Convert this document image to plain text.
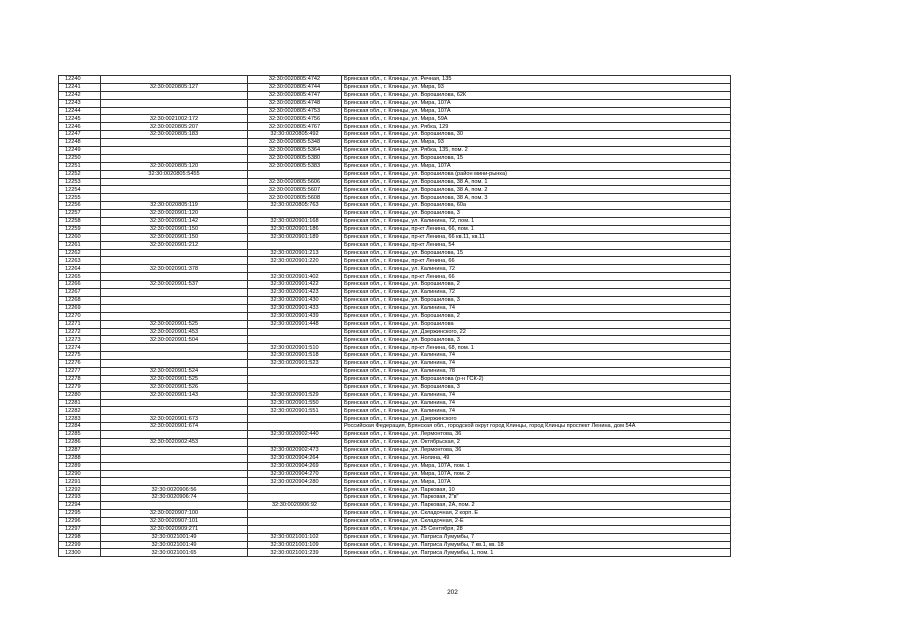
12240		32:30:0020805:4742	Брянская обл., г. Клинцы, ул. Речная, 135
12241	32:30:0020805:127	32:30:0020805:4744	Брянская обл., г. Клинцы, ул. Мира, 93
12242		32:30:0020805:4747	Брянская обл., г. Клинцы, ул. Ворошилова, 62К
12243		32:30:0020805:4748	Брянская обл., г. Клинцы, ул. Мира, 107А
12244		32:30:0020805:4753	Брянская обл., г. Клинцы, ул. Мира, 107А
12245	32:30:0021002:172	32:30:0020805:4756	Брянская обл., г. Клинцы, ул. Мира, 59А
12246	32:30:0020805:207	32:30:0020805:4767	Брянская обл., г. Клинцы, ул. Рябка, 129
12247	32:30:0020805:183	32:30:0020805:492	Брянская обл., г. Клинцы, ул. Ворошилова, 30
12248		32:30:0020805:5348	Брянская обл., г. Клинцы, ул. Мира, 93
12249		32:30:0020805:5364	Брянская обл., г. Клинцы, ул. Рябка, 135, пом. 2
12250		32:30:0020805:5380	Брянская обл., г. Клинцы, ул. Ворошилова, 15
12251	32:30:0020805:120	32:30:0020805:5383	Брянская обл., г. Клинцы, ул. Мира, 107А
12252	32:30:0020805:5455		Брянская обл., г. Клинцы, ул. Ворошилова (район мини-рынка)
12253		32:30:0020805:5606	Брянская обл., г. Клинцы, ул. Ворошилова, 38 А, пом. 1
12254		32:30:0020805:5607	Брянская обл., г. Клинцы, ул. Ворошилова, 38 А, пом. 2
12255		32:30:0020805:5608	Брянская обл., г. Клинцы, ул. Ворошилова, 38 А, пом. 3
12256	32:30:0020805:119	32:30:0020805:763	Брянская обл., г. Клинцы, ул. Ворошилова, 60а
12257	32:30:0020901:120		Брянская обл., г. Клинцы, ул. Ворошилова, 3
12258	32:30:0020901:142	32:30:0020901:168	Брянская обл., г. Клинцы, ул. Калинина, 72, пом. 1
12259	32:30:0020901:150	32:30:0020901:186	Брянская обл., г. Клинцы, пр-кт Ленина, 66, пом. 1
12260	32:30:0020901:150	32:30:0020901:189	Брянская обл., г. Клинцы, пр-кт Ленина, 66 кв.11, кв.11
12261	32:30:0020901:212		Брянская обл., г. Клинцы, пр-кт Ленина, 54
12262		32:30:0020901:213	Брянская обл., г. Клинцы, ул. Ворошилова, 15
12263		32:30:0020901:220	Брянская обл., г. Клинцы, пр-кт Ленина, 66
12264	32:30:0020901:378		Брянская обл., г. Клинцы, ул. Калинина, 72
12265		32:30:0020901:402	Брянская обл., г. Клинцы, пр-кт Ленина, 66
12266	32:30:0020901:537	32:30:0020901:422	Брянская обл., г. Клинцы, ул. Ворошилова, 2
12267		32:30:0020901:423	Брянская обл., г. Клинцы, ул. Калинина, 72
12268		32:30:0020901:430	Брянская обл., г. Клинцы, ул. Ворошилова, 3
12269		32:30:0020901:433	Брянская обл., г. Клинцы, ул. Калинина, 74
12270		32:30:0020901:439	Брянская обл., г. Клинцы, ул. Ворошилова, 2
12271	32:30:0020901:525	32:30:0020901:448	Брянская обл., г. Клинцы, ул. Ворошилова
12272	32:30:0020901:453		Брянская обл., г. Клинцы, ул. Дзержинского, 22
12273	32:30:0020901:504		Брянская обл., г. Клинцы, ул. Ворошилова, 3
12274		32:30:0020901:510	Брянская обл., г. Клинцы, пр-кт Ленина, 68, пом. 1
12275		32:30:0020901:518	Брянская обл., г. Клинцы, ул. Калинина, 74
12276		32:30:0020901:523	Брянская обл., г. Клинцы, ул. Калинина, 74
12277	32:30:0020901:524		Брянская обл., г. Клинцы, ул. Калинина, 78
12278	32:30:0020901:525		Брянская обл., г. Клинцы, ул. Ворошилова (р-н ГСК-2)
12279	32:30:0020901:526		Брянская обл., г. Клинцы, ул. Ворошилова, 3
12280	32:30:0020901:143	32:30:0020901:529	Брянская обл., г. Клинцы, ул. Калинина, 74
12281		32:30:0020901:550	Брянская обл., г. Клинцы, ул. Калинина, 74
12282		32:30:0020901:551	Брянская обл., г. Клинцы, ул. Калинина, 74
12283	32:30:0020901:673		Брянская обл., г. Клинцы, ул. Дзержинского
12284	32:30:0020901:674		Российская Федерация, Брянская обл., городской округ город Клинцы, город Клинцы проспект Ленина, дом 54А
12285		32:30:0020902:440	Брянская обл., г. Клинцы, ул. Лермонтова, 36
12286	32:30:0020902:453		Брянская обл., г. Клинцы, ул. Октябрьская, 2
12287		32:30:0020902:473	Брянская обл., г. Клинцы, ул. Лермонтова, 36
12288		32:30:0020904:264	Брянская обл., г. Клинцы, ул. Нолина, 49
12289		32:30:0020904:269	Брянская обл., г. Клинцы, ул. Мира, 107А, пом. 1
12290		32:30:0020904:270	Брянская обл., г. Клинцы, ул. Мира, 107А, пом. 2
12291		32:30:0020904:280	Брянская обл., г. Клинцы, ул. Мира, 107А
12292	32:30:0020906:56		Брянская обл., г. Клинцы, ул. Парковая, 10
12293	32:30:0020906:74		Брянская обл., г. Клинцы, ул. Парковая, 2"в"
12294		32:30:0020906:92	Брянская обл., г. Клинцы, ул. Парковая, 2А, пом. 2
12295	32:30:0020907:100		Брянская обл., г. Клинцы, ул. Складочная, 2 корп. Е
12296	32:30:0020907:101		Брянская обл., г. Клинцы, ул. Складочная, 2-Е
12297	32:30:0020909:271		Брянская обл., г. Клинцы, ул. 25 Сентября, 28
12298	32:30:0021001:49	32:30:0021001:102	Брянская обл., г. Клинцы, ул. Патриса Лумумбы, 7
12299	32:30:0021001:49	32:30:0021001:109	Брянская обл., г. Клинцы, ул. Патриса Лумумбы, 7 кв.1, кв. 18
12300	32:30:0021001:65	32:30:0021001:239	Брянская обл., г. Клинцы, ул. Патриса Лумумбы, 1, пом. 1
202
